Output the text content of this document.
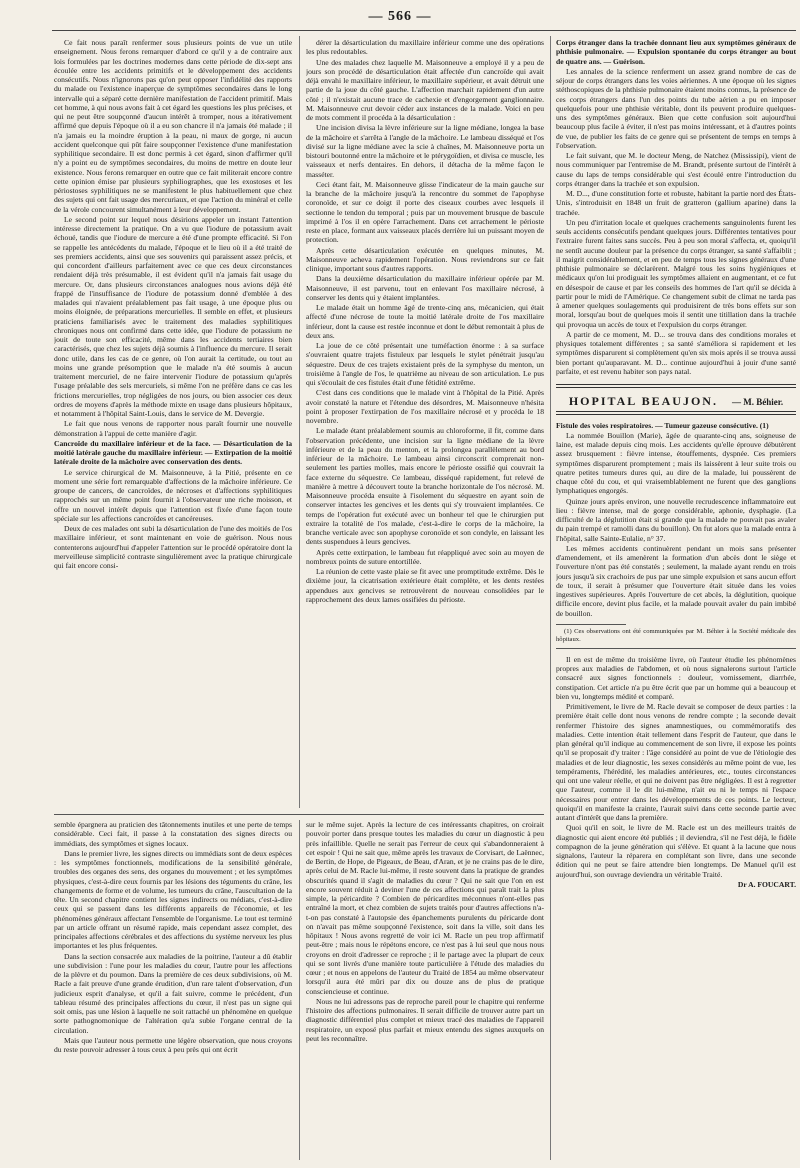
— 566 —

Ce fait nous paraît renfermer sous plusieurs points de vue un utile enseignement. Nous ferons remarquer d'abord ce qu'il y a de contraire aux lois formulées par les doctrines modernes dans cette période de dix-sept ans écoulée entre les accidents primitifs et le développement des accidents consécutifs. Nous n'ignorons pas qu'on peut opposer l'infidélité des rapports du malade ou l'existence inaperçue de symptômes secondaires dans le long intervalle qui a séparé cette dernière manifestation de l'accident primitif. Mais cet homme, à qui nous avons fait à cet égard les questions les plus précises, et qui ne peut être soupçonné d'aucun intérêt à tromper, nous a itérativement affirmé que depuis l'époque où il a eu son chancre il n'a jamais été malade ; il n'a jamais eu la moindre éruption à la peau, ni maux de gorge, ni aucun accident quelconque qui pût faire soupçonner l'existence d'une manifestation syphilitique secondaire. Il est donc permis à cet égard, sinon d'affirmer qu'il n'y a point eu de symptômes secondaires, du moins de mettre en doute leur existence. Nous ferons remarquer en outre que ce fait militerait encore contre cette opinion émise par plusieurs syphiliographes, que les exostoses et les périostoses syphilitiques ne se manifestent le plus habituellement que chez des sujets qui ont fait usage des mercuriaux, et que l'action du minéral et celle de la vérole concourent simultanément à leur développement.

Le second point sur lequel nous désirions appeler un instant l'attention intéresse directement la pratique. On a vu que l'iodure de potassium avait échoué, tandis que l'iodure de mercure a été d'une prompte efficacité. Si l'on se rappelle les antécédents du malade, l'époque et le lieu où il a été traité de ses premiers accidents, ainsi que ses souvenirs qui paraissent assez précis, et qui concordent d'ailleurs parfaitement avec ce que ces deux circonstances rendaient déjà très présumable, il est évident qu'il n'a jamais fait usage du mercure. Or, dans plusieurs circonstances analogues nous avions déjà été frappé de l'insuffisance de l'iodure de potassium donné d'emblée à des malades qui n'avaient préalablement pas fait usage, à une époque plus ou moins éloignée, de préparations mercurielles. Il semble en effet, et plusieurs praticiens familiarisés avec le traitement des maladies syphilitiques chroniques nous ont confirmé dans cette idée, que l'iodure de potassium ne jouit de toute son efficacité, même dans les accidents tertiaires bien caractérisés, que chez les sujets déjà soumis à l'influence du mercure. Il serait donc utile, dans les cas de ce genre, où l'on aurait la certitude, ou tout au moins une grande présomption que le malade n'a été soumis à aucun traitement mercuriel, de ne faire intervenir l'iodure de potassium qu'après l'usage préalable des sels mercuriels, si même l'on ne préfère dans ce cas les frictions mercurielles, trop négligées de nos jours, ou bien associer ces deux ordres de moyens d'après la méthode mixte en usage dans plusieurs hôpitaux, et notamment à l'hôpital Saint-Louis, dans le service de M. Devergie.

Le fait que nous venons de rapporter nous paraît fournir une nouvelle démonstration à l'appui de cette manière d'agir.

Cancroïde du maxillaire inférieur et de la face. — Désarticulation de la moitié latérale gauche du maxillaire inférieur. — Extirpation de la moitié latérale droite de la mâchoire avec conservation des dents.

Le service chirurgical de M. Maisonneuve, à la Pitié, présente en ce moment une série fort remarquable d'affections de la mâchoire inférieure. Ce groupe de cancers, de cancroïdes, de nécroses et d'affections syphilitiques rapprochés sur un même point fournit à l'observateur une riche moisson, et offre un nouvel intérêt depuis que l'attention est fixée d'une façon toute spéciale sur les affections cancroïdes et cancéreuses.

Deux de ces malades ont subi la désarticulation de l'une des moitiés de l'os maxillaire inférieur, et sont maintenant en voie de guérison. Nous nous contenterons aujourd'hui d'appeler l'attention sur le procédé opératoire dont la merveilleuse simplicité contraste singulièrement avec la pratique chirurgicale qui fait encore consi-

dérer la désarticulation du maxillaire inférieur comme une des opérations les plus redoutables.

Une des malades chez laquelle M. Maisonneuve a employé il y a peu de jours son procédé de désarticulation était affectée d'un cancroïde qui avait déjà envahi le maxillaire inférieur, le maxillaire supérieur, et avait détruit une partie de la joue du côté gauche. L'affection marchait rapidement d'un autre côté ; il n'existait aucune trace de cachexie et d'engorgement ganglionnaire. M. Maisonneuve crut devoir céder aux instances de la malade. Voici en peu de mots comment il procéda à la désarticulation :

Une incision divisa la lèvre inférieure sur la ligne médiane, longea la base de la mâchoire et s'arrêta à l'angle de la mâchoire. Le lambeau disséqué et l'os divisé sur la ligne médiane avec la scie à chaînes, M. Maisonneuve porta un bistouri boutonné entre la mâchoire et le ptérygoïdien, et divisa ce muscle, les vaisseaux et nerfs dentaires. En dehors, il détacha de la même façon le masséter.

Ceci étant fait, M. Maisonneuve glisse l'indicateur de la main gauche sur la branche de la mâchoire jusqu'à la rencontre du sommet de l'apophyse coronoïde, et sur ce doigt il porte des ciseaux courbes avec lesquels il sectionne le tendon du temporal ; puis par un mouvement brusque de bascule imprimé à l'os il en opère l'arrachement. Dans cet arrachement le périoste reste en place, formant aux vaisseaux placés derrière lui un puissant moyen de protection.

Après cette désarticulation exécutée en quelques minutes, M. Maisonneuve acheva rapidement l'opération. Nous reviendrons sur ce fait clinique, important sous d'autres rapports.

Dans la deuxième désarticulation du maxillaire inférieur opérée par M. Maisonneuve, il est parvenu, tout en enlevant l'os maxillaire nécrosé, à conserver les dents qui y étaient implantées.

Le malade était un homme âgé de trente-cinq ans, mécanicien, qui était affecté d'une nécrose de toute la moitié latérale droite de l'os maxillaire inférieur, dont la cause est restée inconnue et dont le début remontait à plus de deux ans.

La joue de ce côté présentait une tuméfaction énorme : à sa surface s'ouvraient quatre trajets fistuleux par lesquels le stylet pénétrait jusqu'au séquestre. Deux de ces trajets existaient près de la symphyse du menton, un troisième à l'angle de l'os, le quatrième au niveau de son articulation. Le pus qui s'écoulait de ces fistules était d'une fétidité extrême.

C'est dans ces conditions que le malade vint à l'hôpital de la Pitié. Après avoir constaté la nature et l'étendue des désordres, M. Maisonneuve n'hésita point à proposer l'extirpation de l'os maxillaire nécrosé et y procéda le 18 novembre.

Le malade étant préalablement soumis au chloroforme, il fit, comme dans l'observation précédente, une incision sur la ligne médiane de la lèvre inférieure et de la peau du menton, et la prolongea parallèlement au bord inférieur de la mâchoire. Le lambeau ainsi circonscrit comprenait non-seulement les parties molles, mais encore le périoste ossifié qui couvrait la face externe du séquestre. Ce lambeau, disséqué rapidement, fut relevé de manière à mettre à découvert toute la branche horizontale de l'os nécrosé. M. Maisonneuve procéda ensuite à l'isolement du séquestre en ayant soin de conserver intactes les gencives et les dents qui s'y trouvaient implantées. Ce temps de l'opération fut exécuté avec un bonheur tel que le chirurgien put extraire la totalité de l'os malade, c'est-à-dire le corps de la mâchoire, la branche verticale avec son apophyse coronoïde et son condyle, en laissant les dents suspendues à leurs gencives.

Après cette extirpation, le lambeau fut réappliqué avec soin au moyen de nombreux points de suture entortillée.

La réunion de cette vaste plaie se fit avec une promptitude extrême. Dès le dixième jour, la cicatrisation extérieure était complète, et les dents restées appendues aux gencives se retrouvèrent de nouveau consolidées par le rapprochement des deux lames ossifiées du périoste.

Corps étranger dans la trachée donnant lieu aux symptômes généraux de phthisie pulmonaire. — Expulsion spontanée du corps étranger au bout de quatre ans. — Guérison.

Les annales de la science renferment un assez grand nombre de cas de séjour de corps étrangers dans les voies aériennes. A une époque où les signes stéthoscopiques de la phthisie pulmonaire étaient moins connus, la présence de ces corps étrangers dans l'un des points du tube aérien a pu en imposer quelquefois pour une phthisie véritable, dont ils peuvent produire quelques-uns des symptômes généraux. Bien que cette confusion soit aujourd'hui beaucoup plus facile à éviter, il n'est pas moins intéressant, et à d'autres points de vue, de publier les faits de ce genre qui se présentent de temps en temps à l'observation.

Le fait suivant, que M. le docteur Meng, de Natchez (Mississipi), vient de nous communiquer par l'entremise de M. Brandt, présente surtout de l'intérêt à cause du laps de temps considérable qui s'est écoulé entre l'introduction du corps étranger dans la trachée et son expulsion.

M. D..., d'une constitution forte et robuste, habitant la partie nord des États-Unis, s'introduisit en 1848 un fruit de gratteron (gallium aparine) dans la trachée.

Un peu d'irritation locale et quelques crachements sanguinolents furent les seuls accidents consécutifs pendant quelques jours. Différentes tentatives pour l'extraire furent faites sans succès. Peu à peu son moral s'affecta, et, quoiqu'il ne sentît aucune douleur par la présence du corps étranger, sa santé s'affaiblit ; il maigrit considérablement, et en peu de temps tous les signes généraux d'une phthisie pulmonaire se déclarèrent. Malgré tous les soins hygiéniques et médicaux qu'on lui prodiguait les symptômes allaient en augmentant, et ce fut en désespoir de cause et par les conseils des hommes de l'art qu'il se décida à partir pour le midi de l'Amérique. Ce changement subit de climat ne tarda pas à amener quelques soulagements qui produisirent de très bons effets sur son moral, lorsqu'au bout de quelques mois il sentit une titillation dans la trachée qui provoqua un accès de toux et l'expulsion du corps étranger.

A partir de ce moment, M. D... se trouva dans des conditions morales et physiques totalement différentes ; sa santé s'améliora si rapidement et les symptômes disparurent si complètement qu'en six mois après il se trouva aussi bien portant qu'auparavant. M. D... continue aujourd'hui à jouir d'une santé parfaite, et est revenu habiter son pays natal.

HOPITAL BEAUJON. — M. Béhier.

Fistule des voies respiratoires. — Tumeur gazeuse consécutive. (1)

La nommée Bouillon (Marie), âgée de quarante-cinq ans, soigneuse de laine, est malade depuis cinq mois. Les accidents qu'elle éprouve débutèrent assez brusquement : fièvre intense, étouffements, dyspnée. Ces premiers symptômes disparurent promptement ; mais ils laissèrent à leur suite trois ou quatre petites tumeurs dures qui, au dire de la malade, lui poussèrent de chaque côté du cou, et qui vraisemblablement ne furent que des ganglions lymphatiques engorgés.

Quinze jours après environ, une nouvelle recrudescence inflammatoire eut lieu : fièvre intense, mal de gorge considérable, aphonie, dysphagie. (La difficulté de la déglutition était si grande que la malade ne pouvait pas avaler du pain trempé et ramolli dans du bouillon). On fut alors que la malade entra à l'hôpital, salle Sainte-Eulalie, n° 37.

Les mêmes accidents continuèrent pendant un mois sans présenter d'amendement, et ils amenèrent la formation d'un abcès dont le siège et l'ouverture n'ont pas été constatés ; seulement, la malade ayant rendu en trois jours jusqu'à six crachoirs de pus par une simple expulsion et sans aucun effort de toux, il serait à présumer que l'ouverture était située dans les voies ingestives supérieures. Après l'ouverture de cet abcès, la déglutition, quoique difficile encore, devint plus facile, et la malade pouvait avaler du pain imbibé de bouillon.

(1) Ces observations ont été communiquées par M. Béhier à la Société médicale des hôpitaux.

Il en est de même du troisième livre, où l'auteur étudie les phénomènes propres aux maladies de l'abdomen, et où nous signalerons surtout l'article consacré aux signes fonctionnels : douleur, vomissement, diarrhée, constipation. Cet article n'a pu être écrit que par un homme qui a beaucoup et bien vu, longtemps médité et comparé.

Primitivement, le livre de M. Racle devait se composer de deux parties : la première était celle dont nous venons de rendre compte ; la seconde devait renfermer l'histoire des signes anamnestiques, ou commémoratifs des maladies. Cette intention était tellement dans l'esprit de l'auteur, que dans le plan général qu'il indique au commencement de son livre, il expose les points qu'il se proposait d'y traiter : l'âge considéré au point de vue de l'étiologie des maladies et de leur diagnostic, les sexes considérés au même point de vue, les tempéraments, l'hérédité, les maladies antérieures, etc., toutes circonstances qui ont une valeur réelle, et qui ne doivent pas être négligées. Il est à regretter que l'auteur, comme il le dit lui-même, n'ait eu ni le temps ni l'espace nécessaires pour entrer dans les développements de ces points. Le lecteur, quoiqu'il en manifeste la crainte, l'aurait suivi dans cette seconde partie avec autant d'intérêt que dans la première.

Quoi qu'il en soit, le livre de M. Racle est un des meilleurs traités de diagnostic qui aient encore été publiés ; il deviendra, s'il ne l'est déjà, le fidèle compagnon de la jeune génération qui s'élève. Et quant à la lacune que nous signalons, l'auteur la réparera en complétant son livre, dans une seconde édition qui ne peut se faire attendre bien longtemps. De Manuel qu'il est aujourd'hui, son ouvrage deviendra un véritable Traité.

Dr A. FOUCART.

semble épargnera au praticien des tâtonnements inutiles et une perte de temps considérable. Ceci fait, il passe à la constatation des signes directs ou immédiats, des symptômes et signes locaux.

Dans le premier livre, les signes directs ou immédiats sont de deux espèces : les symptômes fonctionnels, modifications de la sensibilité générale, troubles des organes des sens, des organes du mouvement ; et les symptômes physiques, c'est-à-dire ceux fournis par les lésions des téguments du crâne, les changements de forme et de volume, les tumeurs du crâne, l'auscultation de la tête. Un second chapitre contient les signes indirects ou médiats, c'est-à-dire ceux qui se passent dans les différents appareils de l'économie, et les phénomènes généraux affectant l'ensemble de l'organisme. Le tout est terminé par un article offrant un résumé rapide, mais cependant assez complet, des principales affections cérébrales et des affections du système nerveux les plus importantes et les plus fréquentes.

Dans la section consacrée aux maladies de la poitrine, l'auteur a dû établir une subdivision : l'une pour les maladies du cœur, l'autre pour les affections de la plèvre et du poumon. Dans la première de ces deux subdivisions, où M. Racle a fait preuve d'une grande érudition, d'un rare talent d'observation, d'un judicieux esprit d'analyse, et qu'il a fait suivre, comme le précédent, d'un tableau résumé des principales affections du cœur, il n'est pas un signe qui soit omis, pas une lésion à laquelle ne soit rattaché un phénomène en quelque sorte pathognomonique de l'altération qu'a subie l'organe central de la circulation.

Mais que l'auteur nous permette une légère observation, que nous croyons du reste pouvoir adresser à tous ceux à peu près qui ont écrit

sur le même sujet. Après la lecture de ces intéressants chapitres, on croirait pouvoir porter dans presque toutes les maladies du cœur un diagnostic à peu près infaillible. Quelle ne serait pas l'erreur de ceux qui s'abandonneraient à cet espoir ! Qui ne sait que, même après les travaux de Corvisart, de Laënnec, de Bertin, de Hope, de Pigeaux, de Beau, d'Aran, et je ne crains pas de le dire, après celui de M. Racle lui-même, il reste souvent dans la pratique de grandes obscurités quand il s'agit de maladies du cœur ? Qui ne sait que l'on en est encore souvent réduit à deviner l'une de ces affections qui paraît trait la plus simple, la péricardite ? Combien de péricardites méconnues n'ont-elles pas entraîné la mort, et chez combien de sujets traités pour d'autres affections n'a-t-on pas constaté à l'autopsie des épanchements purulents du péricarde dont on n'avait pas même soupçonné l'existence, soit dans la ville, soit dans les hôpitaux ! Nous avons regretté de voir ici M. Racle un peu trop affirmatif peut-être ; mais nous le répétons encore, ce n'est pas à lui seul que nous nous croyons en droit d'adresser ce reproche ; il le partage avec la plupart de ceux qui se sont livrés d'une manière toute particulière à l'étude des maladies du cœur ; et nous en appelons de l'auteur du Traité de 1854 au même observateur lorsqu'il aura été mûri par dix ou douze ans de plus de pratique consciencieuse et continue.

Nous ne lui adressons pas de reproche pareil pour le chapitre qui renferme l'histoire des affections pulmonaires. Il serait difficile de trouver autre part un diagnostic différentiel plus complet et mieux tracé des maladies de l'appareil respiratoire, un exposé plus parfait et mieux entendu des signes auxquels on peut les reconnaître.
